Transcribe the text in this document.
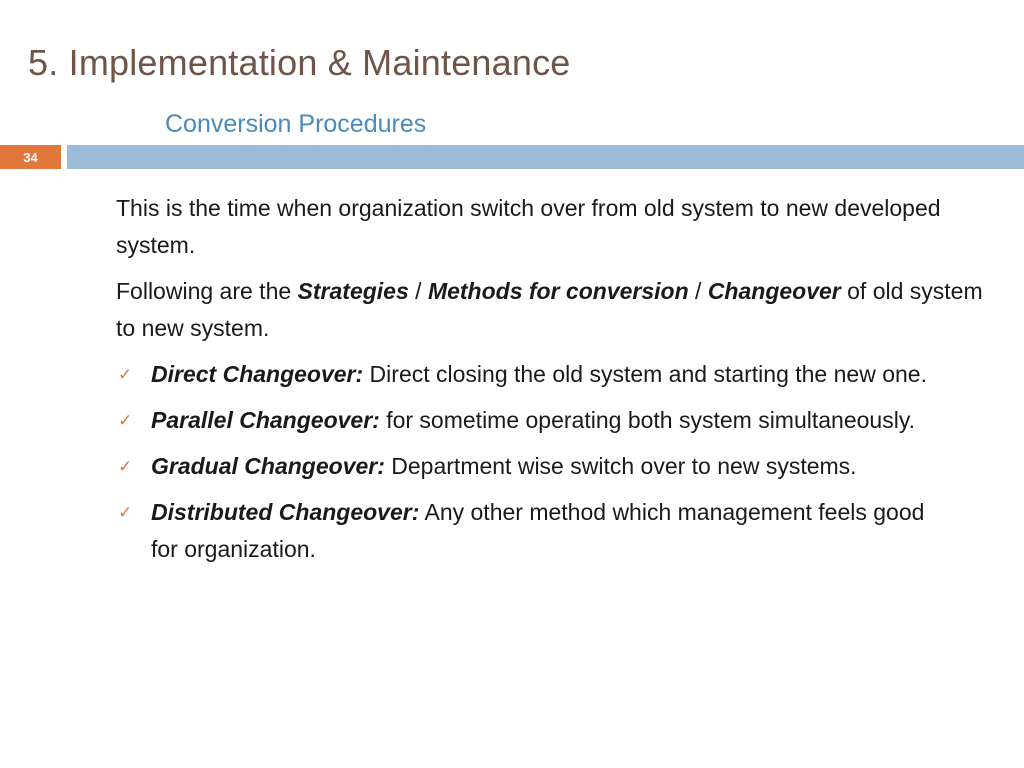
5. Implementation & Maintenance
Conversion Procedures
34

This is the time when organization switch over from old system to new developed system.

Following are the Strategies / Methods for conversion / Changeover of old system to new system.

✓ Direct Changeover: Direct closing the old system and starting the new one.
✓ Parallel Changeover: for sometime operating both system simultaneously.
✓ Gradual Changeover: Department wise switch over to new systems.
✓ Distributed Changeover: Any other method which management feels good for organization.
